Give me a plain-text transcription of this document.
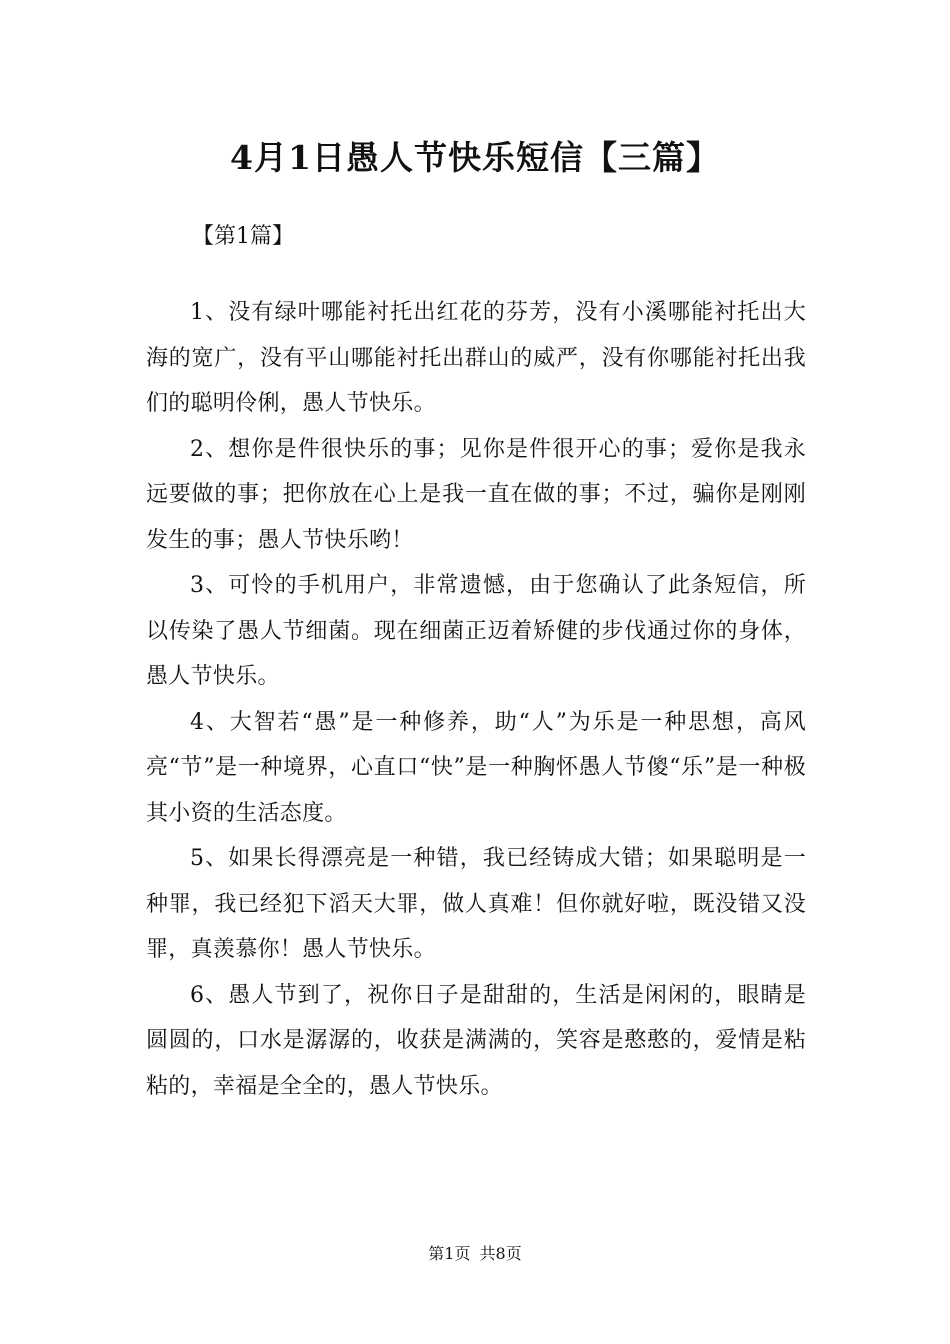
4月1日愚人节快乐短信【三篇】

【第1篇】

1、没有绿叶哪能衬托出红花的芬芳，没有小溪哪能衬托出大海的宽广，没有平山哪能衬托出群山的威严，没有你哪能衬托出我们的聪明伶俐，愚人节快乐。

2、想你是件很快乐的事；见你是件很开心的事；爱你是我永远要做的事；把你放在心上是我一直在做的事；不过，骗你是刚刚发生的事；愚人节快乐哟！

3、可怜的手机用户，非常遗憾，由于您确认了此条短信，所以传染了愚人节细菌。现在细菌正迈着矫健的步伐通过你的身体，愚人节快乐。

4、大智若“愚”是一种修养，助“人”为乐是一种思想，高风亮“节”是一种境界，心直口“快”是一种胸怀愚人节傻“乐”是一种极其小资的生活态度。

5、如果长得漂亮是一种错，我已经铸成大错；如果聪明是一种罪，我已经犯下滔天大罪，做人真难！但你就好啦，既没错又没罪，真羡慕你！愚人节快乐。

6、愚人节到了，祝你日子是甜甜的，生活是闲闲的，眼睛是圆圆的，口水是潺潺的，收获是满满的，笑容是憨憨的，爱情是粘粘的，幸福是全全的，愚人节快乐。

第1页 共8页
